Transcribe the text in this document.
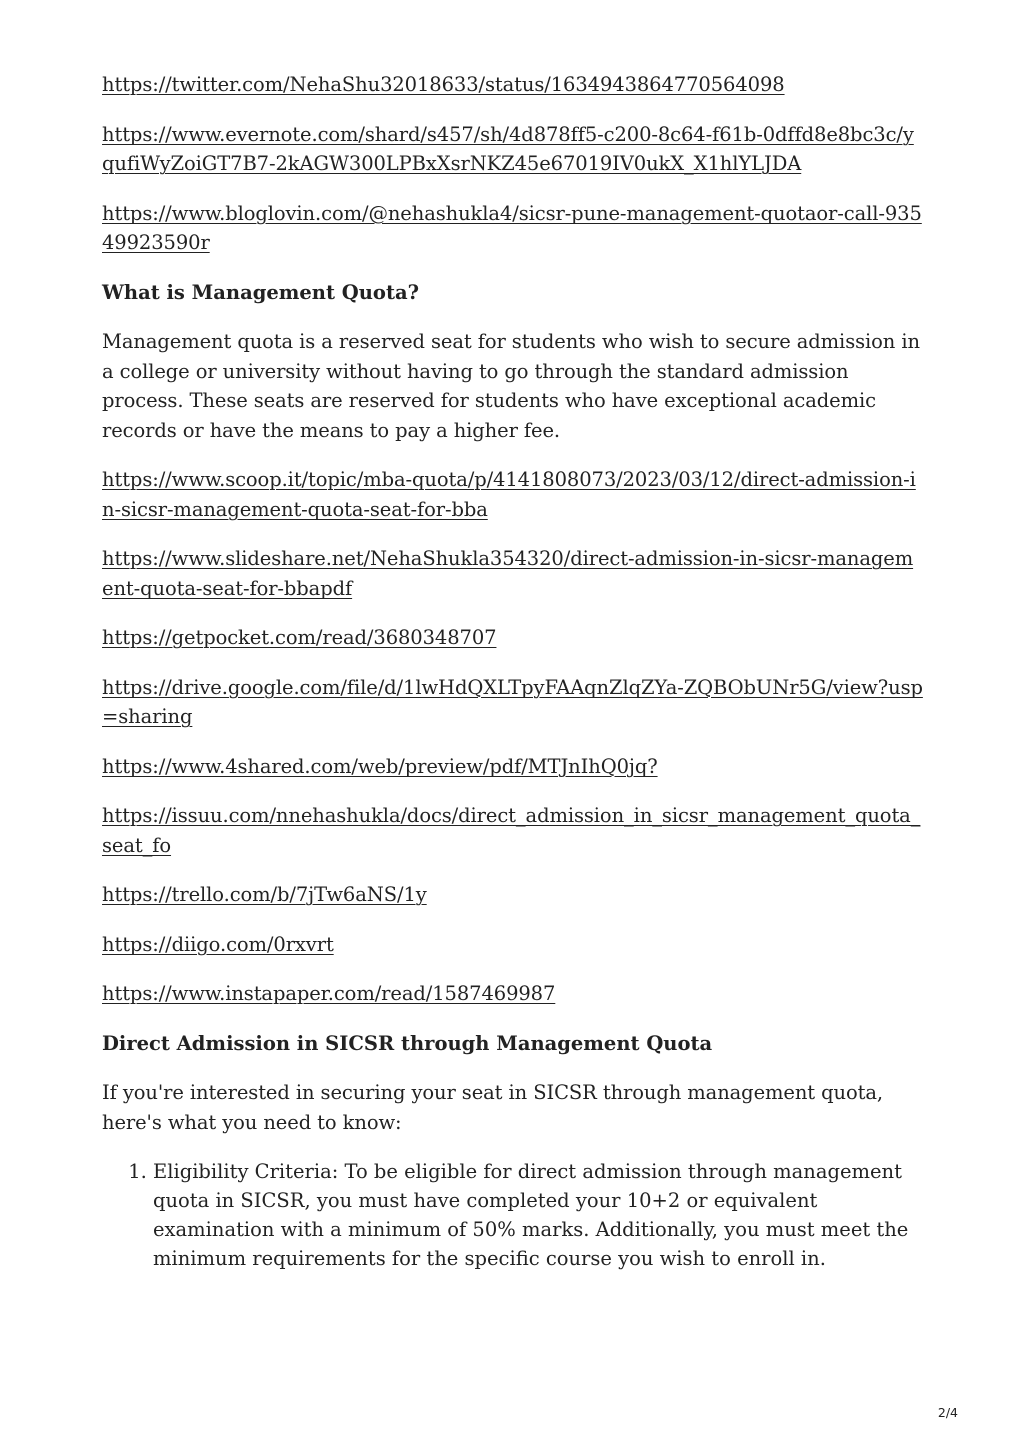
https://twitter.com/NehaShu32018633/status/1634943864770564098

https://www.evernote.com/shard/s457/sh/4d878ff5-c200-8c64-f61b-0dffd8e8bc3c/yqufiWyZoiGT7B7-2kAGW300LPBxXsrNKZ45e67019IV0ukX_X1hlYLJDA

https://www.bloglovin.com/@nehashukla4/sicsr-pune-management-quotaor-call-93549923590r

What is Management Quota?

Management quota is a reserved seat for students who wish to secure admission in a college or university without having to go through the standard admission process. These seats are reserved for students who have exceptional academic records or have the means to pay a higher fee.

https://www.scoop.it/topic/mba-quota/p/4141808073/2023/03/12/direct-admission-in-sicsr-management-quota-seat-for-bba

https://www.slideshare.net/NehaShukla354320/direct-admission-in-sicsr-management-quota-seat-for-bbapdf

https://getpocket.com/read/3680348707

https://drive.google.com/file/d/1lwHdQXLTpyFAAqnZlqZYa-ZQBObUNr5G/view?usp=sharing

https://www.4shared.com/web/preview/pdf/MTJnIhQ0jq?

https://issuu.com/nnehashukla/docs/direct_admission_in_sicsr_management_quota_seat_fo

https://trello.com/b/7jTw6aNS/1y

https://diigo.com/0rxvrt

https://www.instapaper.com/read/1587469987

Direct Admission in SICSR through Management Quota

If you're interested in securing your seat in SICSR through management quota, here's what you need to know:

1. Eligibility Criteria: To be eligible for direct admission through management quota in SICSR, you must have completed your 10+2 or equivalent examination with a minimum of 50% marks. Additionally, you must meet the minimum requirements for the specific course you wish to enroll in.
2/4
